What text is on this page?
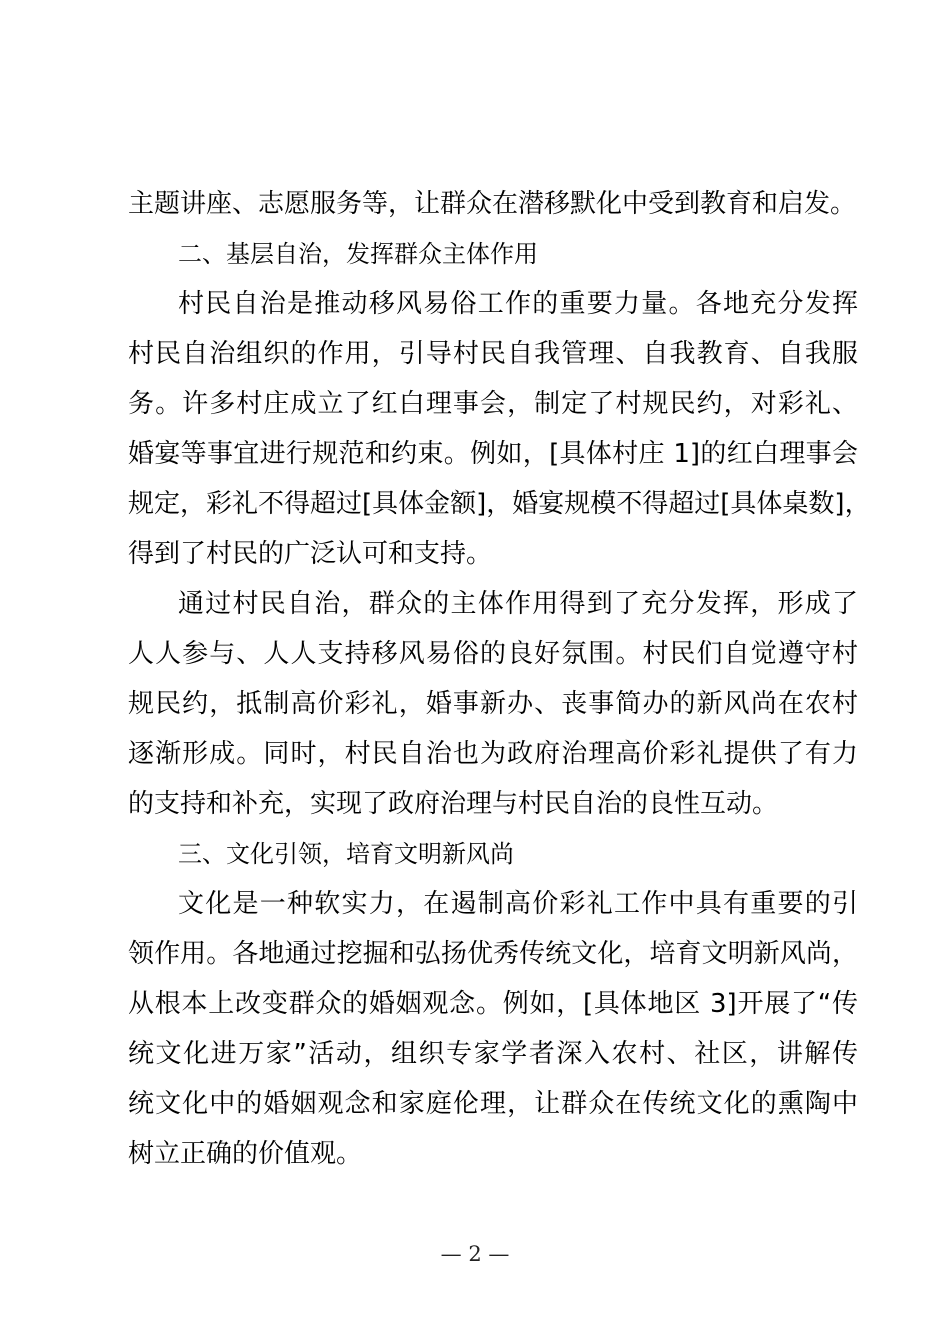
主题讲座、志愿服务等，让群众在潜移默化中受到教育和启发。
二、基层自治，发挥群众主体作用
村民自治是推动移风易俗工作的重要力量。各地充分发挥
村民自治组织的作用，引导村民自我管理、自我教育、自我服
务。许多村庄成立了红白理事会，制定了村规民约，对彩礼、
婚宴等事宜进行规范和约束。例如，[具体村庄 1]的红白理事会
规定，彩礼不得超过[具体金额]，婚宴规模不得超过[具体桌数]，
得到了村民的广泛认可和支持。
通过村民自治，群众的主体作用得到了充分发挥，形成了
人人参与、人人支持移风易俗的良好氛围。村民们自觉遵守村
规民约，抵制高价彩礼，婚事新办、丧事简办的新风尚在农村
逐渐形成。同时，村民自治也为政府治理高价彩礼提供了有力
的支持和补充，实现了政府治理与村民自治的良性互动。
三、文化引领，培育文明新风尚
文化是一种软实力，在遏制高价彩礼工作中具有重要的引
领作用。各地通过挖掘和弘扬优秀传统文化，培育文明新风尚，
从根本上改变群众的婚姻观念。例如，[具体地区 3]开展了“传
统文化进万家”活动，组织专家学者深入农村、社区，讲解传
统文化中的婚姻观念和家庭伦理，让群众在传统文化的熏陶中
树立正确的价值观。
— 2 —
